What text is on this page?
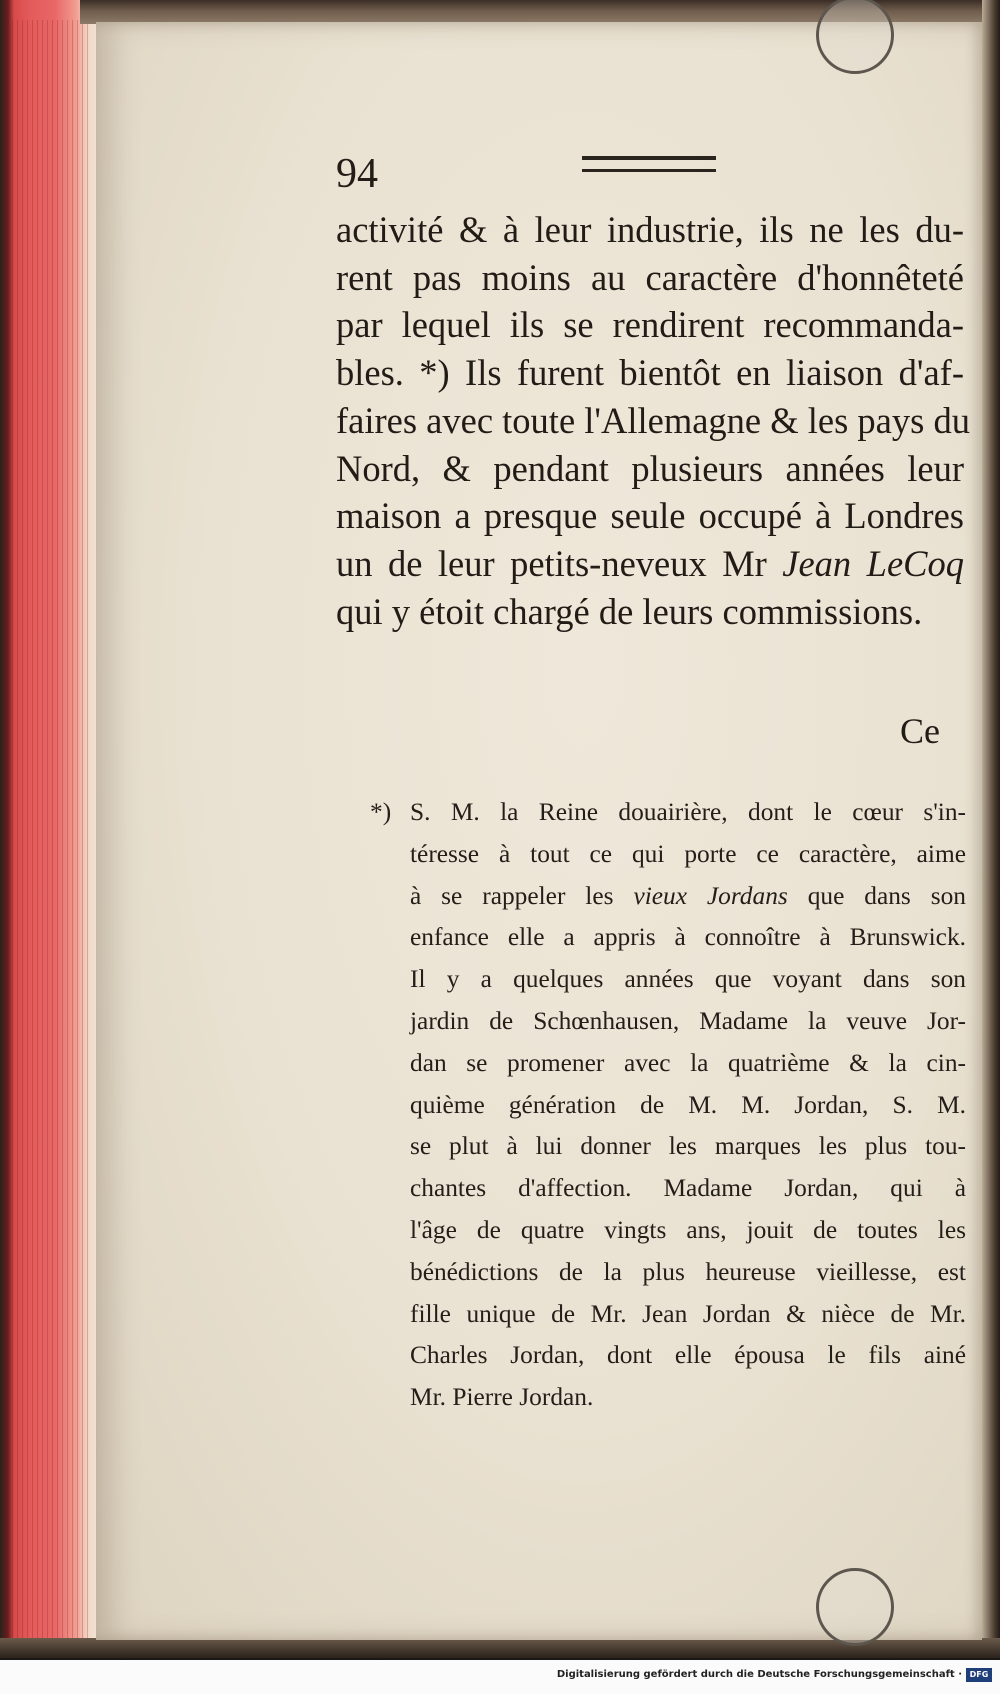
94
activité & à leur industrie, ils ne les du-
rent pas moins au caractère d'honnêteté
par lequel ils se rendirent recommanda-
bles. *) Ils furent bientôt en liaison d'af-
faires avec toute l'Allemagne & les pays du
Nord, & pendant plusieurs années leur
maison a presque seule occupé à Londres
un de leur petits-neveux Mr Jean LeCoq
qui y étoit chargé de leurs commissions.
Ce
*) S. M. la Reine douairière, dont le cœur s'in-
téresse à tout ce qui porte ce caractère, aime
à se rappeler les vieux Jordans que dans son
enfance elle a appris à connoître à Brunswick.
Il y a quelques années que voyant dans son
jardin de Schœnhausen, Madame la veuve Jor-
dan se promener avec la quatrième & la cin-
quième génération de M. M. Jordan, S. M.
se plut à lui donner les marques les plus tou-
chantes d'affection. Madame Jordan, qui à
l'âge de quatre vingts ans, jouit de toutes les
bénédictions de la plus heureuse vieillesse, est
fille unique de Mr. Jean Jordan & nièce de Mr.
Charles Jordan, dont elle épousa le fils ainé
Mr. Pierre Jordan.
Digitalisierung gefördert durch die Deutsche Forschungsgemeinschaft · DFG
